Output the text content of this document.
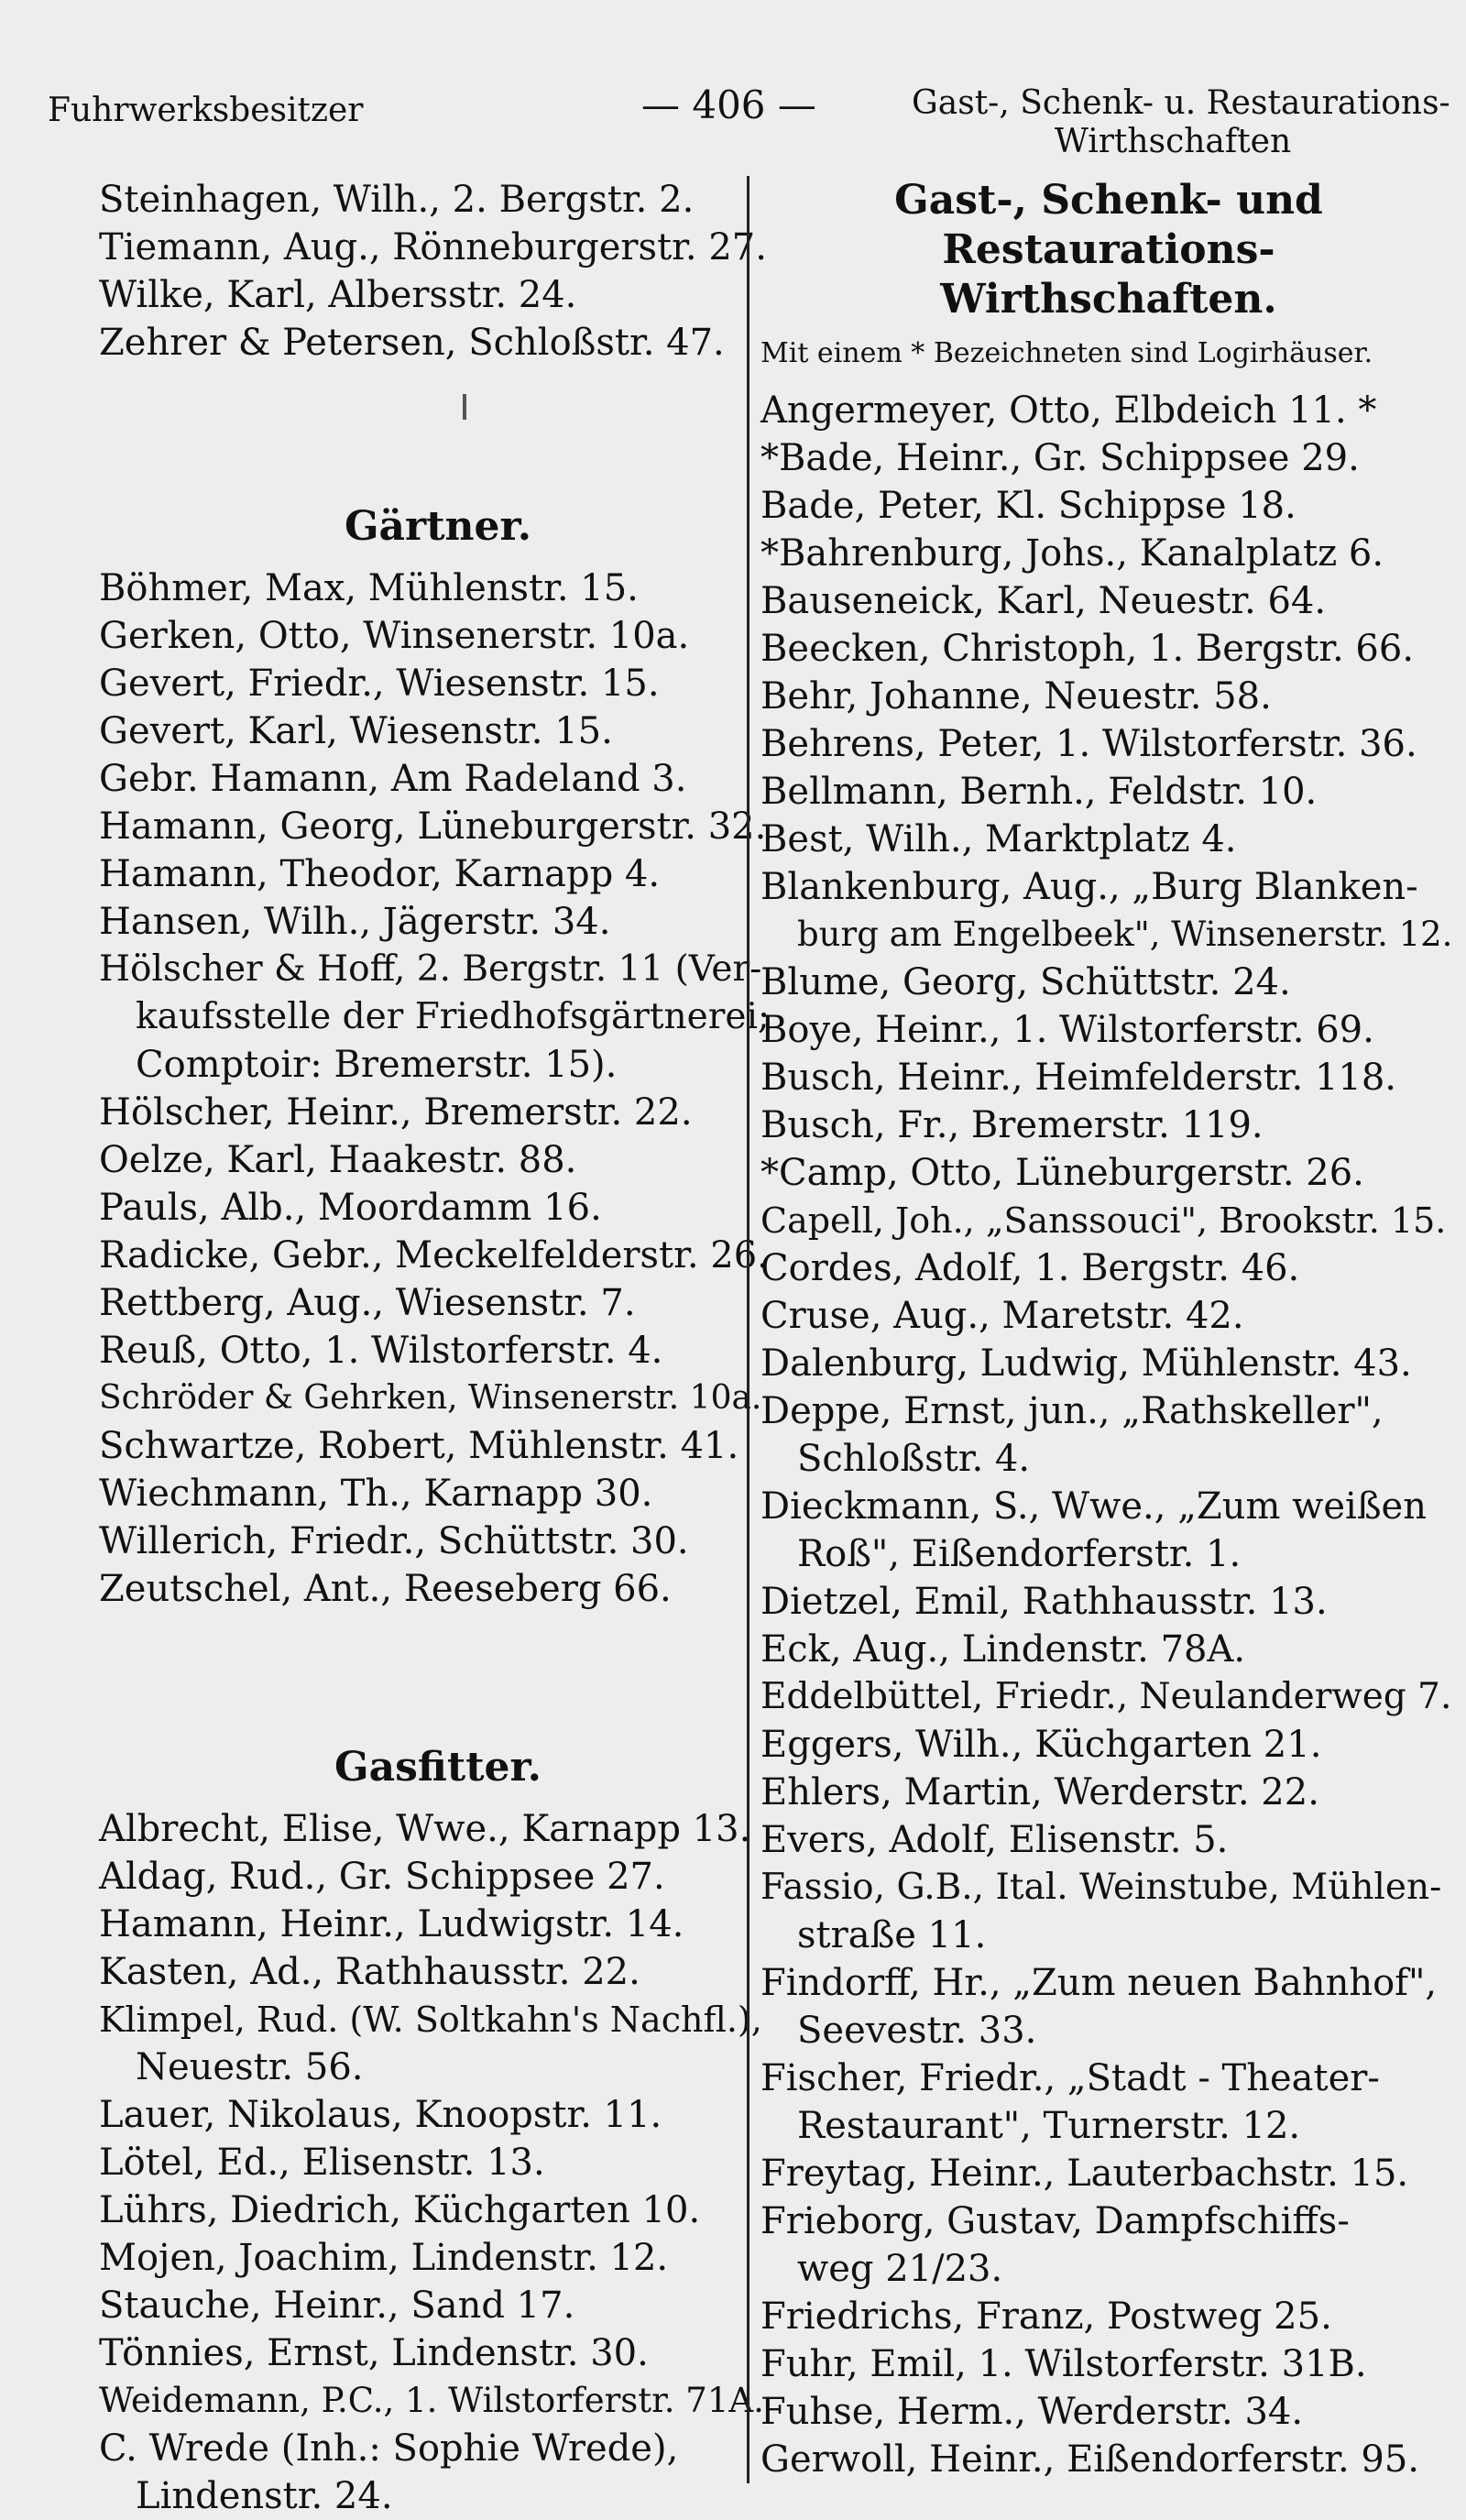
Fuhrwerksbesitzer	— 406 —	Gast-, Schenk- u. Restaurations-
Wirthschaften
Steinhagen, Wilh., 2. Bergstr. 2.
Tiemann, Aug., Rönneburgerstr. 27.
Wilke, Karl, Albersstr. 24.
Zehrer & Petersen, Schloßstr. 47.
Gärtner.
Böhmer, Max, Mühlenstr. 15.
Gerken, Otto, Winsenerstr. 10a.
Gevert, Friedr., Wiesenstr. 15.
Gevert, Karl, Wiesenstr. 15.
Gebr. Hamann, Am Radeland 3.
Hamann, Georg, Lüneburgerstr. 32.
Hamann, Theodor, Karnapp 4.
Hansen, Wilh., Jägerstr. 34.
Hölscher & Hoff, 2. Bergstr. 11 (Ver-
kaufsstelle der Friedhofsgärtnerei;
Comptoir: Bremerstr. 15).
Hölscher, Heinr., Bremerstr. 22.
Oelze, Karl, Haakestr. 88.
Pauls, Alb., Moordamm 16.
Radicke, Gebr., Meckelfelderstr. 26.
Rettberg, Aug., Wiesenstr. 7.
Reuß, Otto, 1. Wilstorferstr. 4.
Schröder & Gehrken, Winsenerstr. 10a.
Schwartze, Robert, Mühlenstr. 41.
Wiechmann, Th., Karnapp 30.
Willerich, Friedr., Schüttstr. 30.
Zeutschel, Ant., Reeseberg 66.
Gasfitter.
Albrecht, Elise, Wwe., Karnapp 13.
Aldag, Rud., Gr. Schippsee 27.
Hamann, Heinr., Ludwigstr. 14.
Kasten, Ad., Rathhausstr. 22.
Klimpel, Rud. (W. Soltkahn's Nachfl.),
Neuestr. 56.
Lauer, Nikolaus, Knoopstr. 11.
Lötel, Ed., Elisenstr. 13.
Lührs, Diedrich, Küchgarten 10.
Mojen, Joachim, Lindenstr. 12.
Stauche, Heinr., Sand 17.
Tönnies, Ernst, Lindenstr. 30.
Weidemann, P.C., 1. Wilstorferstr. 71A.
C. Wrede (Inh.: Sophie Wrede),
Lindenstr. 24.
Gast-, Schenk- und Restaurations-
Wirthschaften.
Mit einem * Bezeichneten sind Logirhäuser.
Angermeyer, Otto, Elbdeich 11. *
*Bade, Heinr., Gr. Schippsee 29.
Bade, Peter, Kl. Schippse 18.
*Bahrenburg, Johs., Kanalplatz 6.
Bauseneick, Karl, Neuestr. 64.
Beecken, Christoph, 1. Bergstr. 66.
Behr, Johanne, Neuestr. 58.
Behrens, Peter, 1. Wilstorferstr. 36.
Bellmann, Bernh., Feldstr. 10.
Best, Wilh., Marktplatz 4.
Blankenburg, Aug., „Burg Blanken-
burg am Engelbeek", Winsenerstr. 12.
Blume, Georg, Schüttstr. 24.
Boye, Heinr., 1. Wilstorferstr. 69.
Busch, Heinr., Heimfelderstr. 118.
Busch, Fr., Bremerstr. 119.
*Camp, Otto, Lüneburgerstr. 26.
Capell, Joh., „Sanssouci", Brookstr. 15.
Cordes, Adolf, 1. Bergstr. 46.
Cruse, Aug., Maretstr. 42.
Dalenburg, Ludwig, Mühlenstr. 43.
Deppe, Ernst, jun., „Rathskeller",
Schloßstr. 4.
Dieckmann, S., Wwe., „Zum weißen
Roß", Eißendorferstr. 1.
Dietzel, Emil, Rathhausstr. 13.
Eck, Aug., Lindenstr. 78A.
Eddelbüttel, Friedr., Neulanderweg 7.
Eggers, Wilh., Küchgarten 21.
Ehlers, Martin, Werderstr. 22.
Evers, Adolf, Elisenstr. 5.
Fassio, G.B., Ital. Weinstube, Mühlen-
straße 11.
Findorff, Hr., „Zum neuen Bahnhof",
Seevestr. 33.
Fischer, Friedr., „Stadt - Theater-
Restaurant", Turnerstr. 12.
Freytag, Heinr., Lauterbachstr. 15.
Frieborg, Gustav, Dampfschiffs-
weg 21/23.
Friedrichs, Franz, Postweg 25.
Fuhr, Emil, 1. Wilstorferstr. 31B.
Fuhse, Herm., Werderstr. 34.
Gerwoll, Heinr., Eißendorferstr. 95.
